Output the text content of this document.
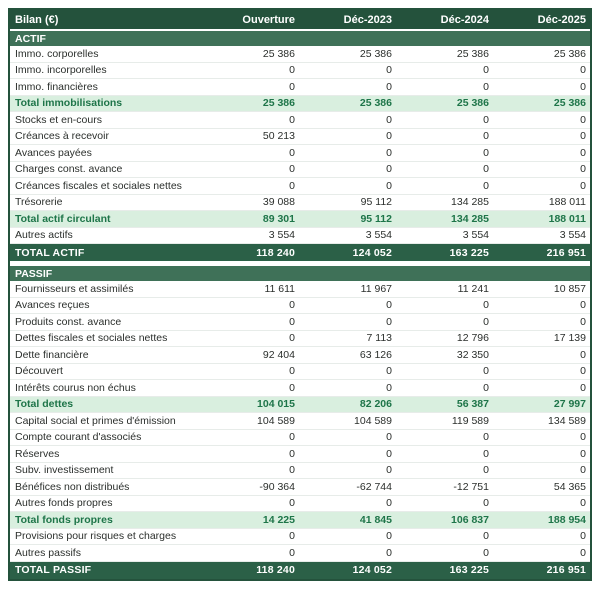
Bilan (€)	Ouverture	Déc-2023	Déc-2024	Déc-2025
ACTIF
Immo. corporelles	25 386	25 386	25 386	25 386
Immo. incorporelles	0	0	0	0
Immo. financières	0	0	0	0
Total immobilisations	25 386	25 386	25 386	25 386
Stocks et en-cours	0	0	0	0
Créances à recevoir	50 213	0	0	0
Avances payées	0	0	0	0
Charges const. avance	0	0	0	0
Créances fiscales et sociales nettes	0	0	0	0
Trésorerie	39 088	95 112	134 285	188 011
Total actif circulant	89 301	95 112	134 285	188 011
Autres actifs	3 554	3 554	3 554	3 554
TOTAL ACTIF	118 240	124 052	163 225	216 951
PASSIF
Fournisseurs et assimilés	11 611	11 967	11 241	10 857
Avances reçues	0	0	0	0
Produits const. avance	0	0	0	0
Dettes fiscales et sociales nettes	0	7 113	12 796	17 139
Dette financière	92 404	63 126	32 350	0
Découvert	0	0	0	0
Intérêts courus non échus	0	0	0	0
Total dettes	104 015	82 206	56 387	27 997
Capital social et primes d'émission	104 589	104 589	119 589	134 589
Compte courant d'associés	0	0	0	0
Réserves	0	0	0	0
Subv. investissement	0	0	0	0
Bénéfices non distribués	-90 364	-62 744	-12 751	54 365
Autres fonds propres	0	0	0	0
Total fonds propres	14 225	41 845	106 837	188 954
Provisions pour risques et charges	0	0	0	0
Autres passifs	0	0	0	0
TOTAL PASSIF	118 240	124 052	163 225	216 951
